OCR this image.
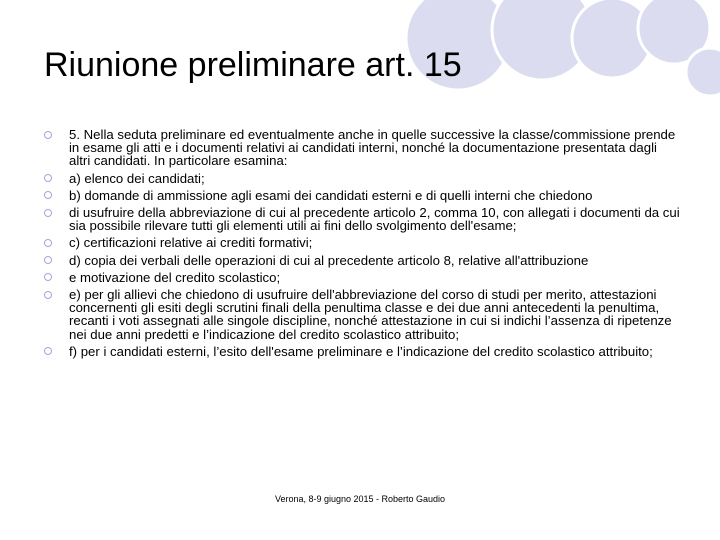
Riunione preliminare art. 15
5. Nella seduta preliminare ed eventualmente anche in quelle successive la classe/commissione prende in esame gli atti e i documenti relativi ai candidati interni, nonché la documentazione presentata dagli altri candidati. In particolare esamina:
a) elenco dei candidati;
b) domande di ammissione agli esami dei candidati esterni e di quelli interni che chiedono
di usufruire della abbreviazione di cui al precedente articolo 2, comma 10, con allegati i documenti da cui sia possibile rilevare tutti gli elementi utili ai fini dello svolgimento dell'esame;
c) certificazioni relative ai crediti formativi;
d) copia dei verbali delle operazioni di cui al precedente articolo 8, relative all'attribuzione
e motivazione del credito scolastico;
e) per gli allievi che chiedono di usufruire dell'abbreviazione del corso di studi per merito, attestazioni concernenti gli esiti degli scrutini finali della penultima classe e dei due anni antecedenti la penultima, recanti i voti assegnati alle singole discipline, nonché attestazione in cui si indichi l’assenza di ripetenze nei due anni predetti e l’indicazione del credito scolastico attribuito;
f) per i candidati esterni, l’esito dell'esame preliminare e l’indicazione del credito scolastico attribuito;
Verona, 8-9 giugno 2015 - Roberto Gaudio
